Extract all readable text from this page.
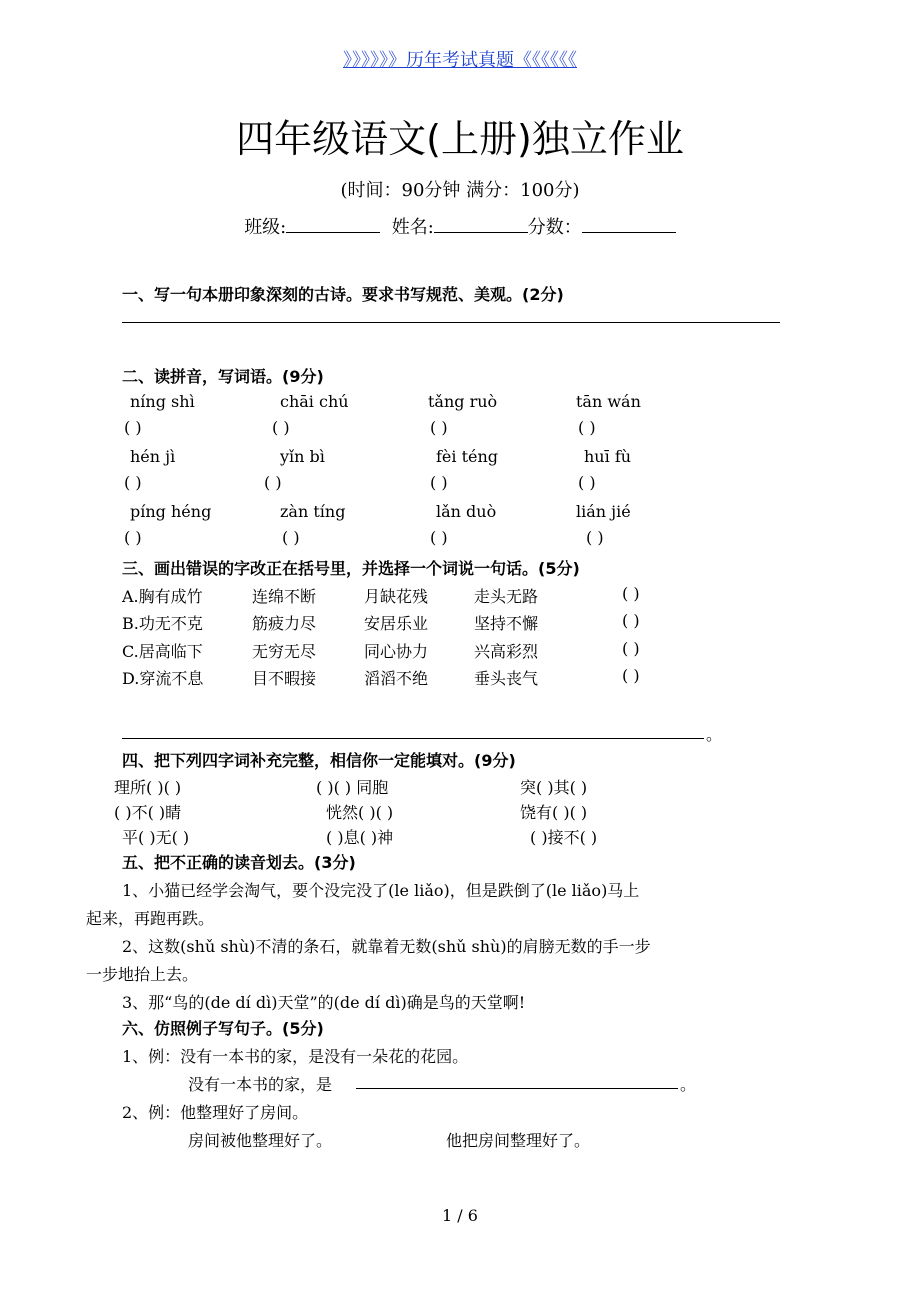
》》》》》》历年考试真题《《《《《《
四年级语文(上册)独立作业
(时间：90分钟 满分：100分)
班级:	姓名:	分数：
一、写一句本册印象深刻的古诗。要求书写规范、美观。(2分)
二、读拼音，写词语。(9分)
níng shì	chāi chú	tǎng ruò	tān wán
( )	( )	( )	( )
hén jì	yǐn bì	fèi téng	huī fù
( )	( )	( )	( )
píng héng	zàn tíng	lǎn duò	lián jié
( )	( )	( )	( )
三、画出错误的字改正在括号里，并选择一个词说一句话。(5分)
A.胸有成竹	连绵不断	月缺花残	走头无路	( )
B.功无不克	筋疲力尽	安居乐业	坚持不懈	( )
C.居高临下	无穷无尽	同心协力	兴高彩烈	( )
D.穿流不息	目不暇接	滔滔不绝	垂头丧气	( )
。
四、把下列四字词补充完整，相信你一定能填对。(9分)
理所( )( )	( )( ) 同胞	突( )其( )
( )不( )睛	恍然( )( )	饶有( )( )
平( )无( )	( )息( )神	( )接不( )
五、把不正确的读音划去。(3分)
1、小猫已经学会淘气，要个没完没了(le liǎo)，但是跌倒了(le liǎo)马上
起来，再跑再跌。
2、这数(shǔ shù)不清的条石，就靠着无数(shǔ shù)的肩膀无数的手一步
一步地抬上去。
3、那“鸟的(de dí dì)天堂”的(de dí dì)确是鸟的天堂啊!
六、仿照例子写句子。(5分)
1、例：没有一本书的家，是没有一朵花的花园。
没有一本书的家，是	。
2、例：他整理好了房间。
房间被他整理好了。	他把房间整理好了。
1 / 6
